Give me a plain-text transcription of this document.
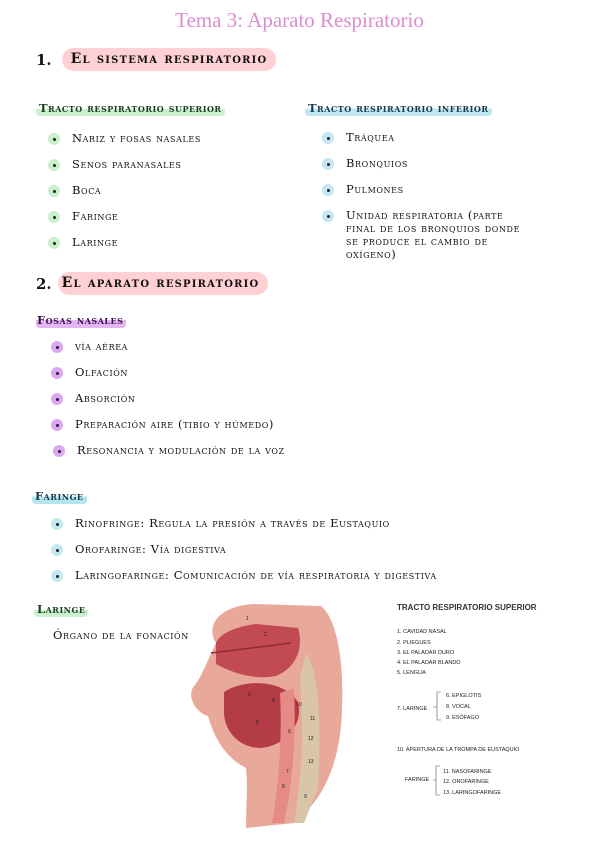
Tema 3: Aparato Respiratorio
1.	El sistema respiratorio
Tracto respiratorio superior
Nariz y fosas nasales
Senos paranasales
Boca
Faringe
Laringe
Tracto respiratorio inferior
Tráquea
Bronquios
Pulmones
Unidad respiratoria (parte final de los bronquios donde se produce el cambio de oxígeno)
2. El aparato respiratorio
Fosas nasales
vía aérea
Olfación
Absorción
Preparación aire (tibio y húmedo)
Resonancia y modulación de la voz
Faringe
Rinofringe: Regula la presión a través de Eustaquio
Orofaringe: Vía digestiva
Laringofaringe: Comunicación de vía respiratoria y digestiva
Laringe
Órgano de la fonación
1
2
3
4
5
6
7
8
9
10
11
12
13
TRACTO RESPIRATORIO SUPERIOR
1. CAVIDAD NASAL
2. PLIEGUES
3. EL PALADAR DURO
4. EL PALADAR BLANDO
5. LENGUA
7. LARINGE
6. EPIGLOTIS
8. VOCAL
9. ESÓFAGO
10. APERTURA DE LA TROMPA DE EUSTAQUIO
FARINGE
11. NASOFARINGE
12. OROFARINGE
13. LARINGOFARINGE
